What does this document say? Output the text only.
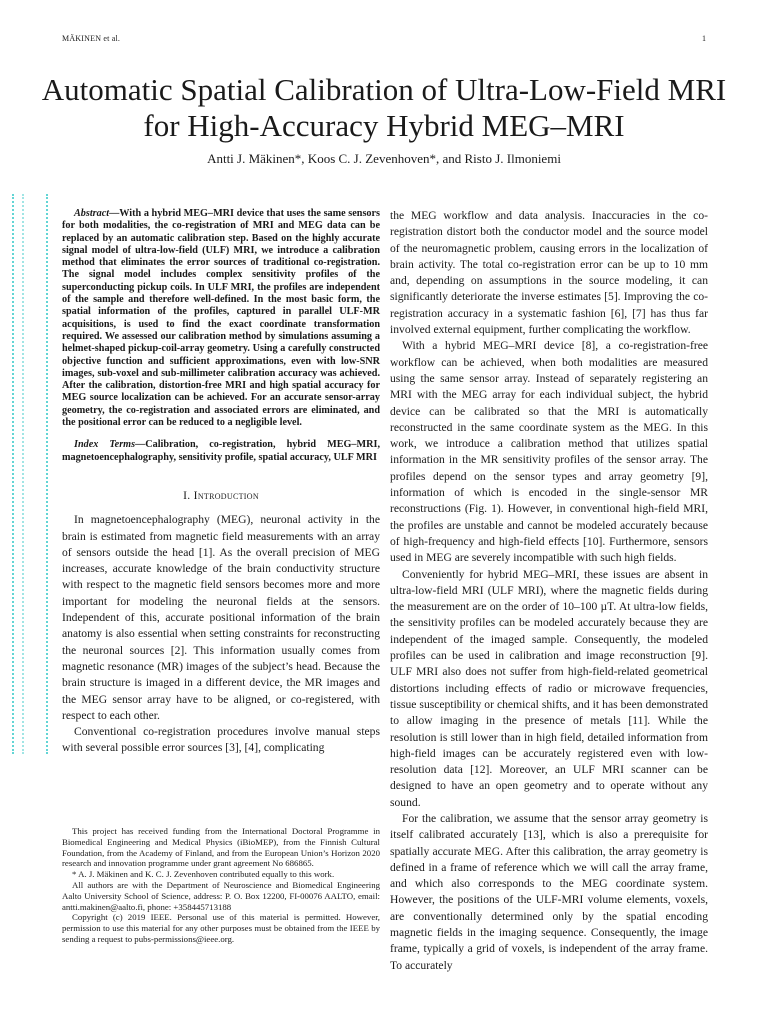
MÄKINEN et al.	1
Automatic Spatial Calibration of Ultra-Low-Field MRI for High-Accuracy Hybrid MEG–MRI
Antti J. Mäkinen*, Koos C. J. Zevenhoven*, and Risto J. Ilmoniemi

Abstract—With a hybrid MEG–MRI device that uses the same sensors for both modalities, the co-registration of MRI and MEG data can be replaced by an automatic calibration step. Based on the highly accurate signal model of ultra-low-field (ULF) MRI, we introduce a calibration method that eliminates the error sources of traditional co-registration. The signal model includes complex sensitivity profiles of the superconducting pickup coils. In ULF MRI, the profiles are independent of the sample and therefore well-defined. In the most basic form, the spatial information of the profiles, captured in parallel ULF-MR acquisitions, is used to find the exact coordinate transformation required. We assessed our calibration method by simulations assuming a helmet-shaped pickup-coil-array geometry. Using a carefully constructed objective function and sufficient approximations, even with low-SNR images, sub-voxel and sub-millimeter calibration accuracy was achieved. After the calibration, distortion-free MRI and high spatial accuracy for MEG source localization can be achieved. For an accurate sensor-array geometry, the co-registration and associated errors are eliminated, and the positional error can be reduced to a negligible level.

Index Terms—Calibration, co-registration, hybrid MEG–MRI, magnetoencephalography, sensitivity profile, spatial accuracy, ULF MRI

I. Introduction

In magnetoencephalography (MEG), neuronal activity in the brain is estimated from magnetic field measurements with an array of sensors outside the head [1]. As the overall precision of MEG increases, accurate knowledge of the brain conductivity structure with respect to the magnetic field sensors becomes more and more important for modeling the neuronal fields at the sensors. Independent of this, accurate positional information of the brain anatomy is also essential when setting constraints for reconstructing the neuronal sources [2]. This information usually comes from magnetic resonance (MR) images of the subject’s head. Because the brain structure is imaged in a different device, the MR images and the MEG sensor array have to be aligned, or co-registered, with respect to each other.

Conventional co-registration procedures involve manual steps with several possible error sources [3], [4], complicating

This project has received funding from the International Doctoral Programme in Biomedical Engineering and Medical Physics (iBioMEP), from the Finnish Cultural Foundation, from the Academy of Finland, and from the European Union’s Horizon 2020 research and innovation programme under grant agreement No 686865.

* A. J. Mäkinen and K. C. J. Zevenhoven contributed equally to this work.

All authors are with the Department of Neuroscience and Biomedical Engineering Aalto University School of Science, address: P. O. Box 12200, FI-00076 AALTO, email: antti.makinen@aalto.fi, phone: +358445713188

Copyright (c) 2019 IEEE. Personal use of this material is permitted. However, permission to use this material for any other purposes must be obtained from the IEEE by sending a request to pubs-permissions@ieee.org.

the MEG workflow and data analysis. Inaccuracies in the co-registration distort both the conductor model and the source model of the neuromagnetic problem, causing errors in the localization of brain activity. The total co-registration error can be up to 10 mm and, depending on assumptions in the source modeling, it can significantly deteriorate the inverse estimates [5]. Improving the co-registration accuracy in a systematic fashion [6], [7] has thus far involved external equipment, further complicating the workflow.

With a hybrid MEG–MRI device [8], a co-registration-free workflow can be achieved, when both modalities are measured using the same sensor array. Instead of separately registering an MRI with the MEG array for each individual subject, the hybrid device can be calibrated so that the MRI is automatically reconstructed in the same coordinate system as the MEG. In this work, we introduce a calibration method that utilizes spatial information in the MR sensitivity profiles of the sensor array. The profiles depend on the sensor types and array geometry [9], information of which is encoded in the single-sensor MR reconstructions (Fig. 1). However, in conventional high-field MRI, the profiles are unstable and cannot be modeled accurately because of high-frequency and high-field effects [10]. Furthermore, sensors used in MEG are severely incompatible with such high fields.

Conveniently for hybrid MEG–MRI, these issues are absent in ultra-low-field MRI (ULF MRI), where the magnetic fields during the measurement are on the order of 10–100 µT. At ultra-low fields, the sensitivity profiles can be modeled accurately because they are independent of the imaged sample. Consequently, the modeled profiles can be used in calibration and image reconstruction [9]. ULF MRI also does not suffer from high-field-related geometrical distortions including effects of radio or microwave frequencies, tissue susceptibility or chemical shifts, and it has been demonstrated to allow imaging in the presence of metals [11]. While the resolution is still lower than in high field, detailed information from high-field images can be accurately registered even with low-resolution data [12]. Moreover, an ULF MRI scanner can be designed to have an open geometry and to operate without any sound.

For the calibration, we assume that the sensor array geometry is itself calibrated accurately [13], which is also a prerequisite for spatially accurate MEG. After this calibration, the array geometry is defined in a frame of reference which we will call the array frame, and which also corresponds to the MEG coordinate system. However, the positions of the ULF-MRI volume elements, voxels, are conventionally determined only by the spatial encoding magnetic fields in the imaging sequence. Consequently, the image frame, typically a grid of voxels, is independent of the array frame. To accurately
